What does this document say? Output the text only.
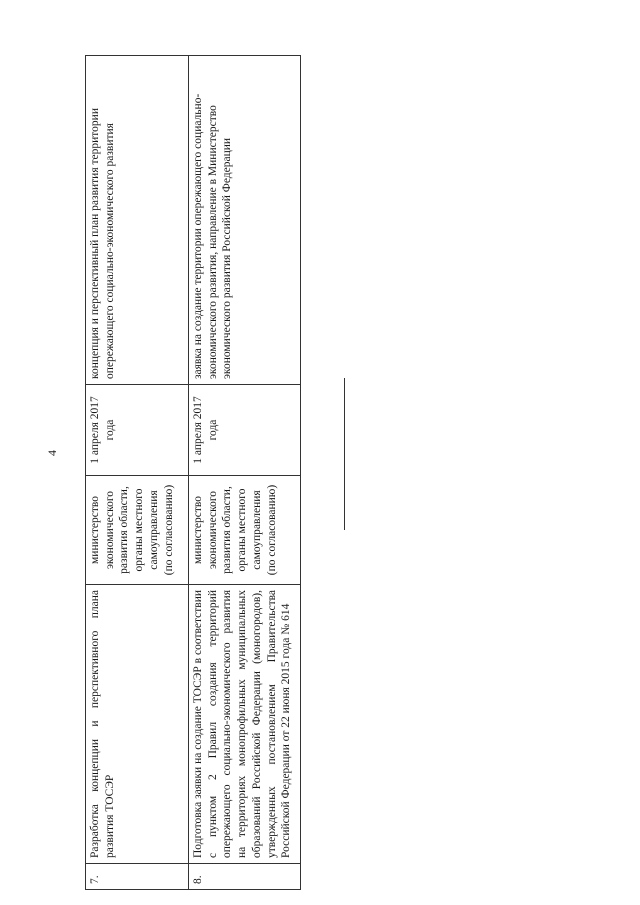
4
7.	Разработка концепции и перспективного плана развития ТОСЭР	министерство экономического развития области, органы местного самоуправления (по согласованию)	1 апреля 2017 года	концепция и перспективный план развития территории опережающего социально-экономического развития
8.	Подготовка заявки на создание ТОСЭР в соответствии с пунктом 2 Правил создания территорий опережающего социально-экономического развития на территориях монопрофильных муниципальных образований Российской Федерации (моногородов), утвержденных постановлением Правительства Российской Федерации от 22 июня 2015 года № 614	министерство экономического развития области, органы местного самоуправления (по согласованию)	1 апреля 2017 года	заявка на создание территории опережающего социально-экономического развития, направление в Министерство экономического развития Российской Федерации
